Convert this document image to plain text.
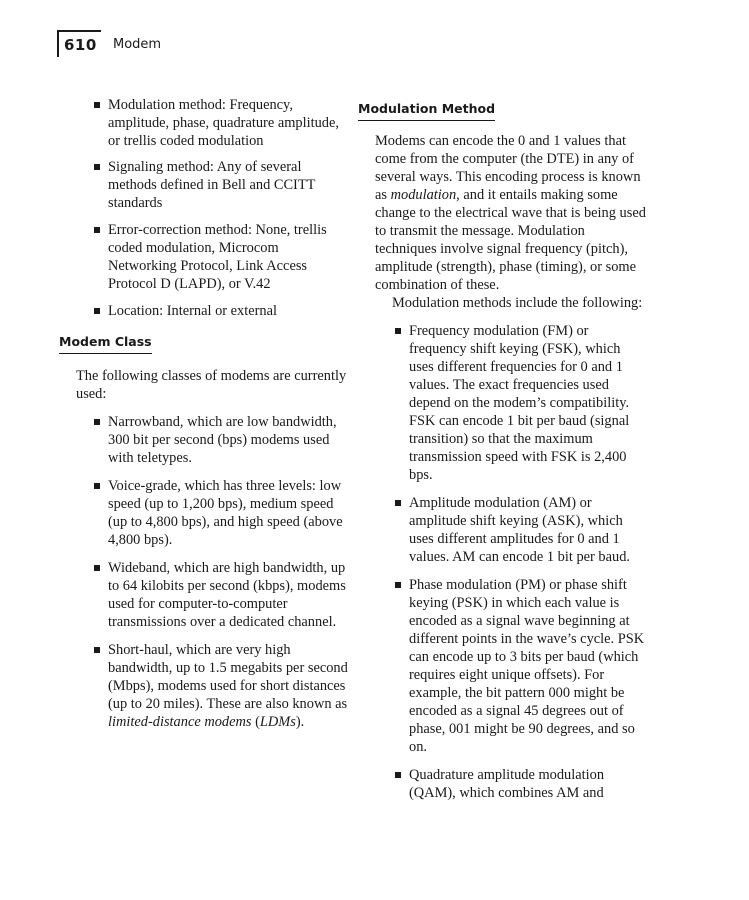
610 Modem
Modulation method: Frequency, amplitude, phase, quadrature amplitude, or trellis coded modulation
Signaling method: Any of several methods defined in Bell and CCITT standards
Error-correction method: None, trellis coded modulation, Microcom Networking Protocol, Link Access Protocol D (LAPD), or V.42
Location: Internal or external
Modem Class

The following classes of modems are currently used:

Narrowband, which are low bandwidth, 300 bit per second (bps) modems used with teletypes.
Voice-grade, which has three levels: low speed (up to 1,200 bps), medium speed (up to 4,800 bps), and high speed (above 4,800 bps).
Wideband, which are high bandwidth, up to 64 kilobits per second (kbps), modems used for computer-to-computer transmissions over a dedicated channel.
Short-haul, which are very high bandwidth, up to 1.5 megabits per second (Mbps), modems used for short distances (up to 20 miles). These are also known as limited-distance modems (LDMs).
Modulation Method

Modems can encode the 0 and 1 values that come from the computer (the DTE) in any of several ways. This encoding process is known as modulation, and it entails making some change to the electrical wave that is being used to transmit the message. Modulation techniques involve signal frequency (pitch), amplitude (strength), phase (timing), or some combination of these.

Modulation methods include the following:

Frequency modulation (FM) or frequency shift keying (FSK), which uses different frequencies for 0 and 1 values. The exact frequencies used depend on the modem’s compatibility. FSK can encode 1 bit per baud (signal transition) so that the maximum transmission speed with FSK is 2,400 bps.
Amplitude modulation (AM) or amplitude shift keying (ASK), which uses different amplitudes for 0 and 1 values. AM can encode 1 bit per baud.
Phase modulation (PM) or phase shift keying (PSK) in which each value is encoded as a signal wave beginning at different points in the wave’s cycle. PSK can encode up to 3 bits per baud (which requires eight unique offsets). For example, the bit pattern 000 might be encoded as a signal 45 degrees out of phase, 001 might be 90 degrees, and so on.
Quadrature amplitude modulation (QAM), which combines AM and
